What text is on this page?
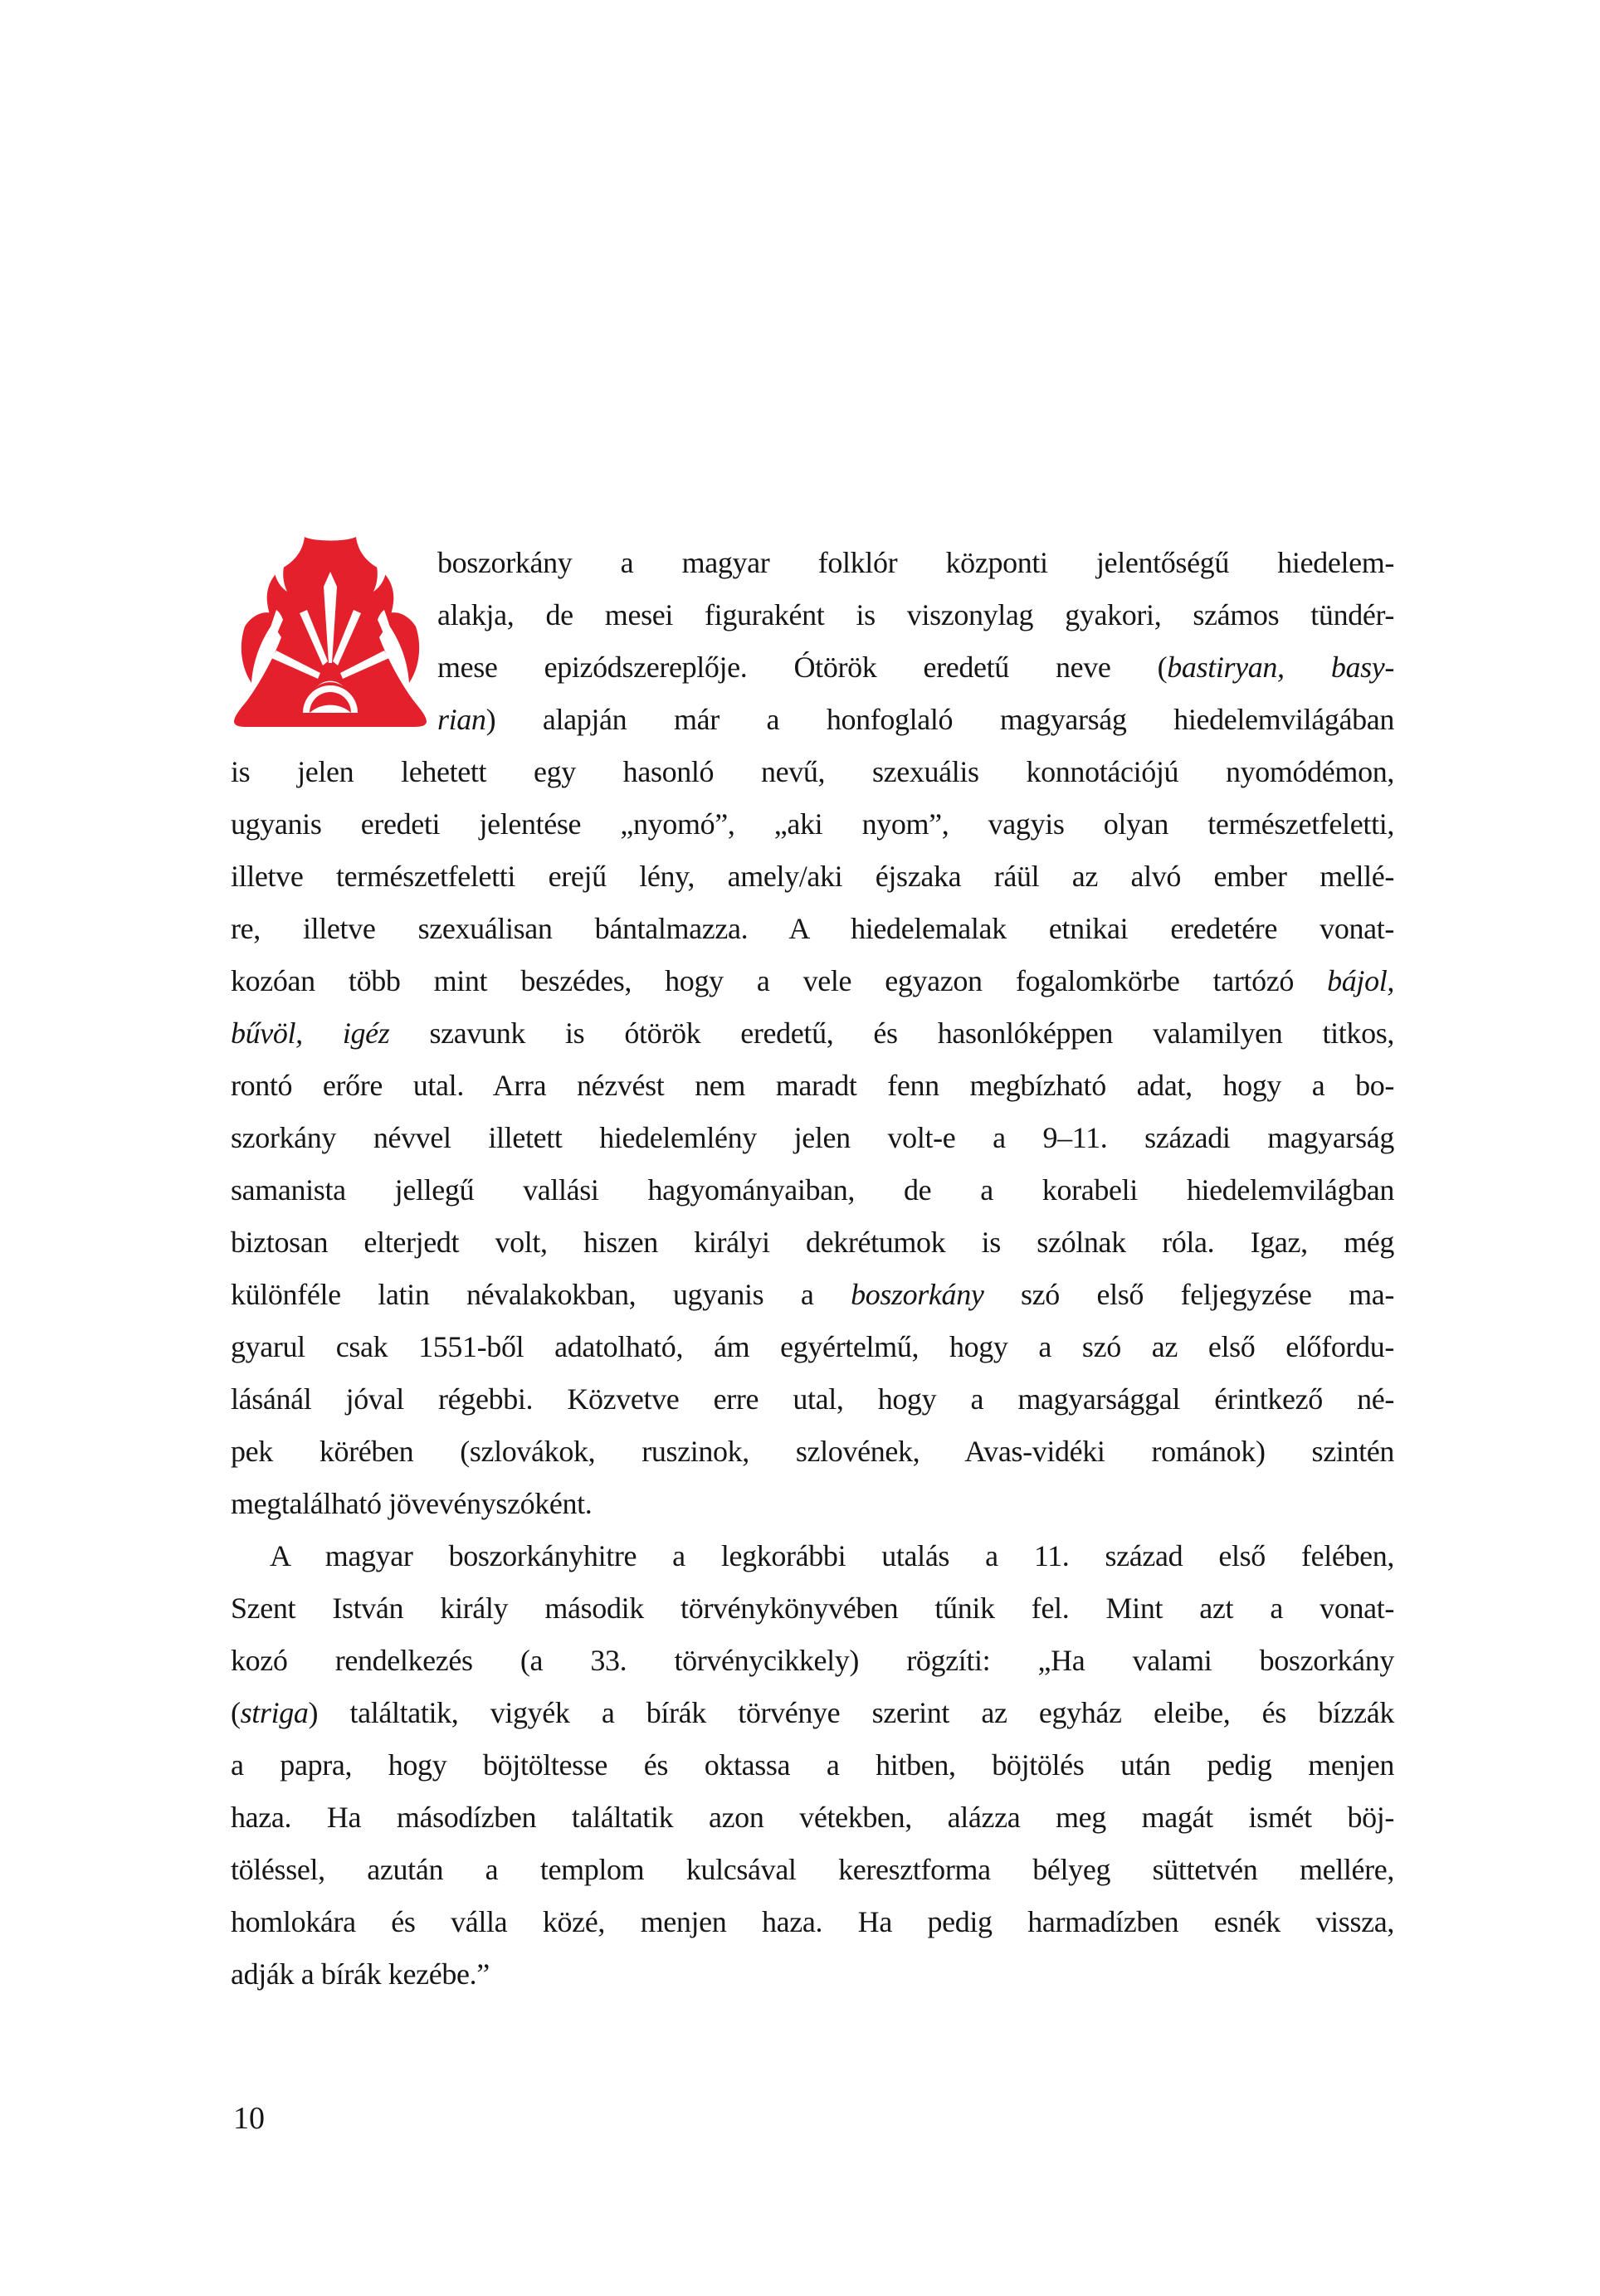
boszorkány a magyar folklór központi jelentőségű hiedelem-
alakja, de mesei figuraként is viszonylag gyakori, számos tündér-
mese epizódszereplője. Ótörök eredetű neve (bastiryan, basy-
rian) alapján már a honfoglaló magyarság hiedelemvilágában
is jelen lehetett egy hasonló nevű, szexuális konnotációjú nyomódémon,
ugyanis eredeti jelentése „nyomó”, „aki nyom”, vagyis olyan természetfeletti,
illetve természetfeletti erejű lény, amely/aki éjszaka ráül az alvó ember mellé-
re, illetve szexuálisan bántalmazza. A hiedelemalak etnikai eredetére vonat-
kozóan több mint beszédes, hogy a vele egyazon fogalomkörbe tartózó bájol,
bűvöl, igéz szavunk is ótörök eredetű, és hasonlóképpen valamilyen titkos,
rontó erőre utal. Arra nézvést nem maradt fenn megbízható adat, hogy a bo-
szorkány névvel illetett hiedelemlény jelen volt-e a 9–11. századi magyarság
samanista jellegű vallási hagyományaiban, de a korabeli hiedelemvilágban
biztosan elterjedt volt, hiszen királyi dekrétumok is szólnak róla. Igaz, még
különféle latin névalakokban, ugyanis a boszorkány szó első feljegyzése ma-
gyarul csak 1551-ből adatolható, ám egyértelmű, hogy a szó az első előfordu-
lásánál jóval régebbi. Közvetve erre utal, hogy a magyarsággal érintkező né-
pek körében (szlovákok, ruszinok, szlovének, Avas-vidéki románok) szintén
megtalálható jövevényszóként.
A magyar boszorkányhitre a legkorábbi utalás a 11. század első felében,
Szent István király második törvénykönyvében tűnik fel. Mint azt a vonat-
kozó rendelkezés (a 33. törvénycikkely) rögzíti: „Ha valami boszorkány
(striga) találtatik, vigyék a bírák törvénye szerint az egyház eleibe, és bízzák
a papra, hogy böjtöltesse és oktassa a hitben, böjtölés után pedig menjen
haza. Ha másodízben találtatik azon vétekben, alázza meg magát ismét böj-
töléssel, azután a templom kulcsával keresztforma bélyeg süttetvén mellére,
homlokára és válla közé, menjen haza. Ha pedig harmadízben esnék vissza,
adják a bírák kezébe.”
10
